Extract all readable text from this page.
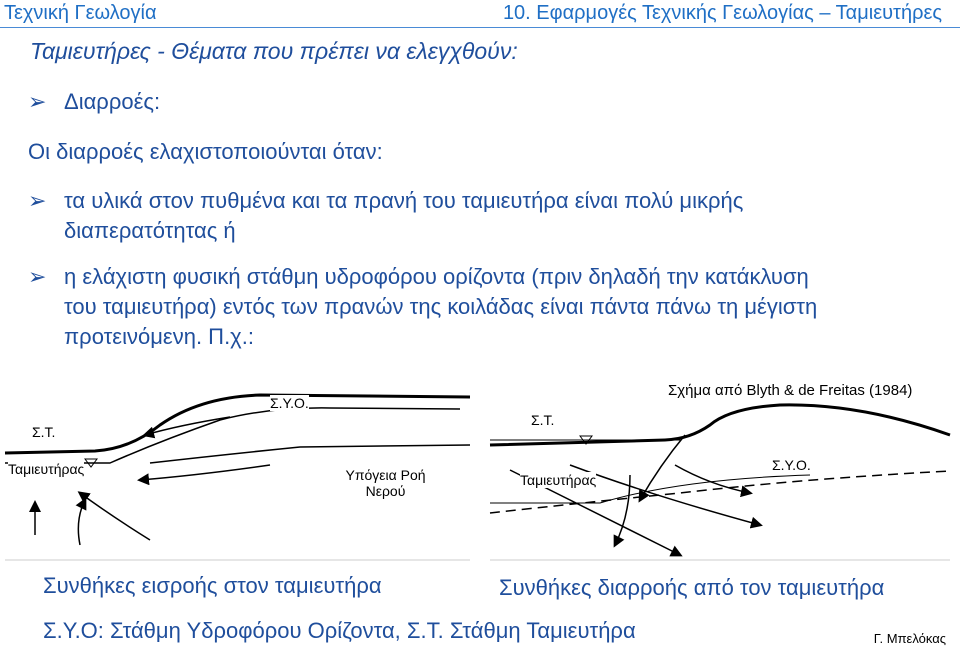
Τεχνική Γεωλογία	10. Εφαρμογές Τεχνικής Γεωλογίας – Ταμιευτήρες
Ταμιευτήρες - Θέματα που πρέπει να ελεγχθούν:
➢ Διαρροές:
Οι διαρροές ελαχιστοποιούνται όταν:
➢ τα υλικά στον πυθμένα και τα πρανή του ταμιευτήρα είναι πολύ μικρής
διαπερατότητας ή
➢ η ελάχιστη φυσική στάθμη υδροφόρου ορίζοντα (πριν δηλαδή την κατάκλυση
του ταμιευτήρα) εντός των πρανών της κοιλάδας είναι πάντα πάνω τη μέγιστη
προτεινόμενη. Π.χ.:
Σ.Τ.
Σ.Υ.Ο.
Ταμιευτήρας	Υπόγεια Ροή
Νερού
Σ.Τ.
Σ.Υ.Ο.
Ταμιευτήρας
Σχήμα από Blyth & de Freitas (1984)
Συνθήκες εισροής στον ταμιευτήρα	Συνθήκες διαρροής από τον ταμιευτήρα
Σ.Υ.Ο: Στάθμη Υδροφόρου Ορίζοντα, Σ.Τ. Στάθμη Ταμιευτήρα	Γ. Μπελόκας
